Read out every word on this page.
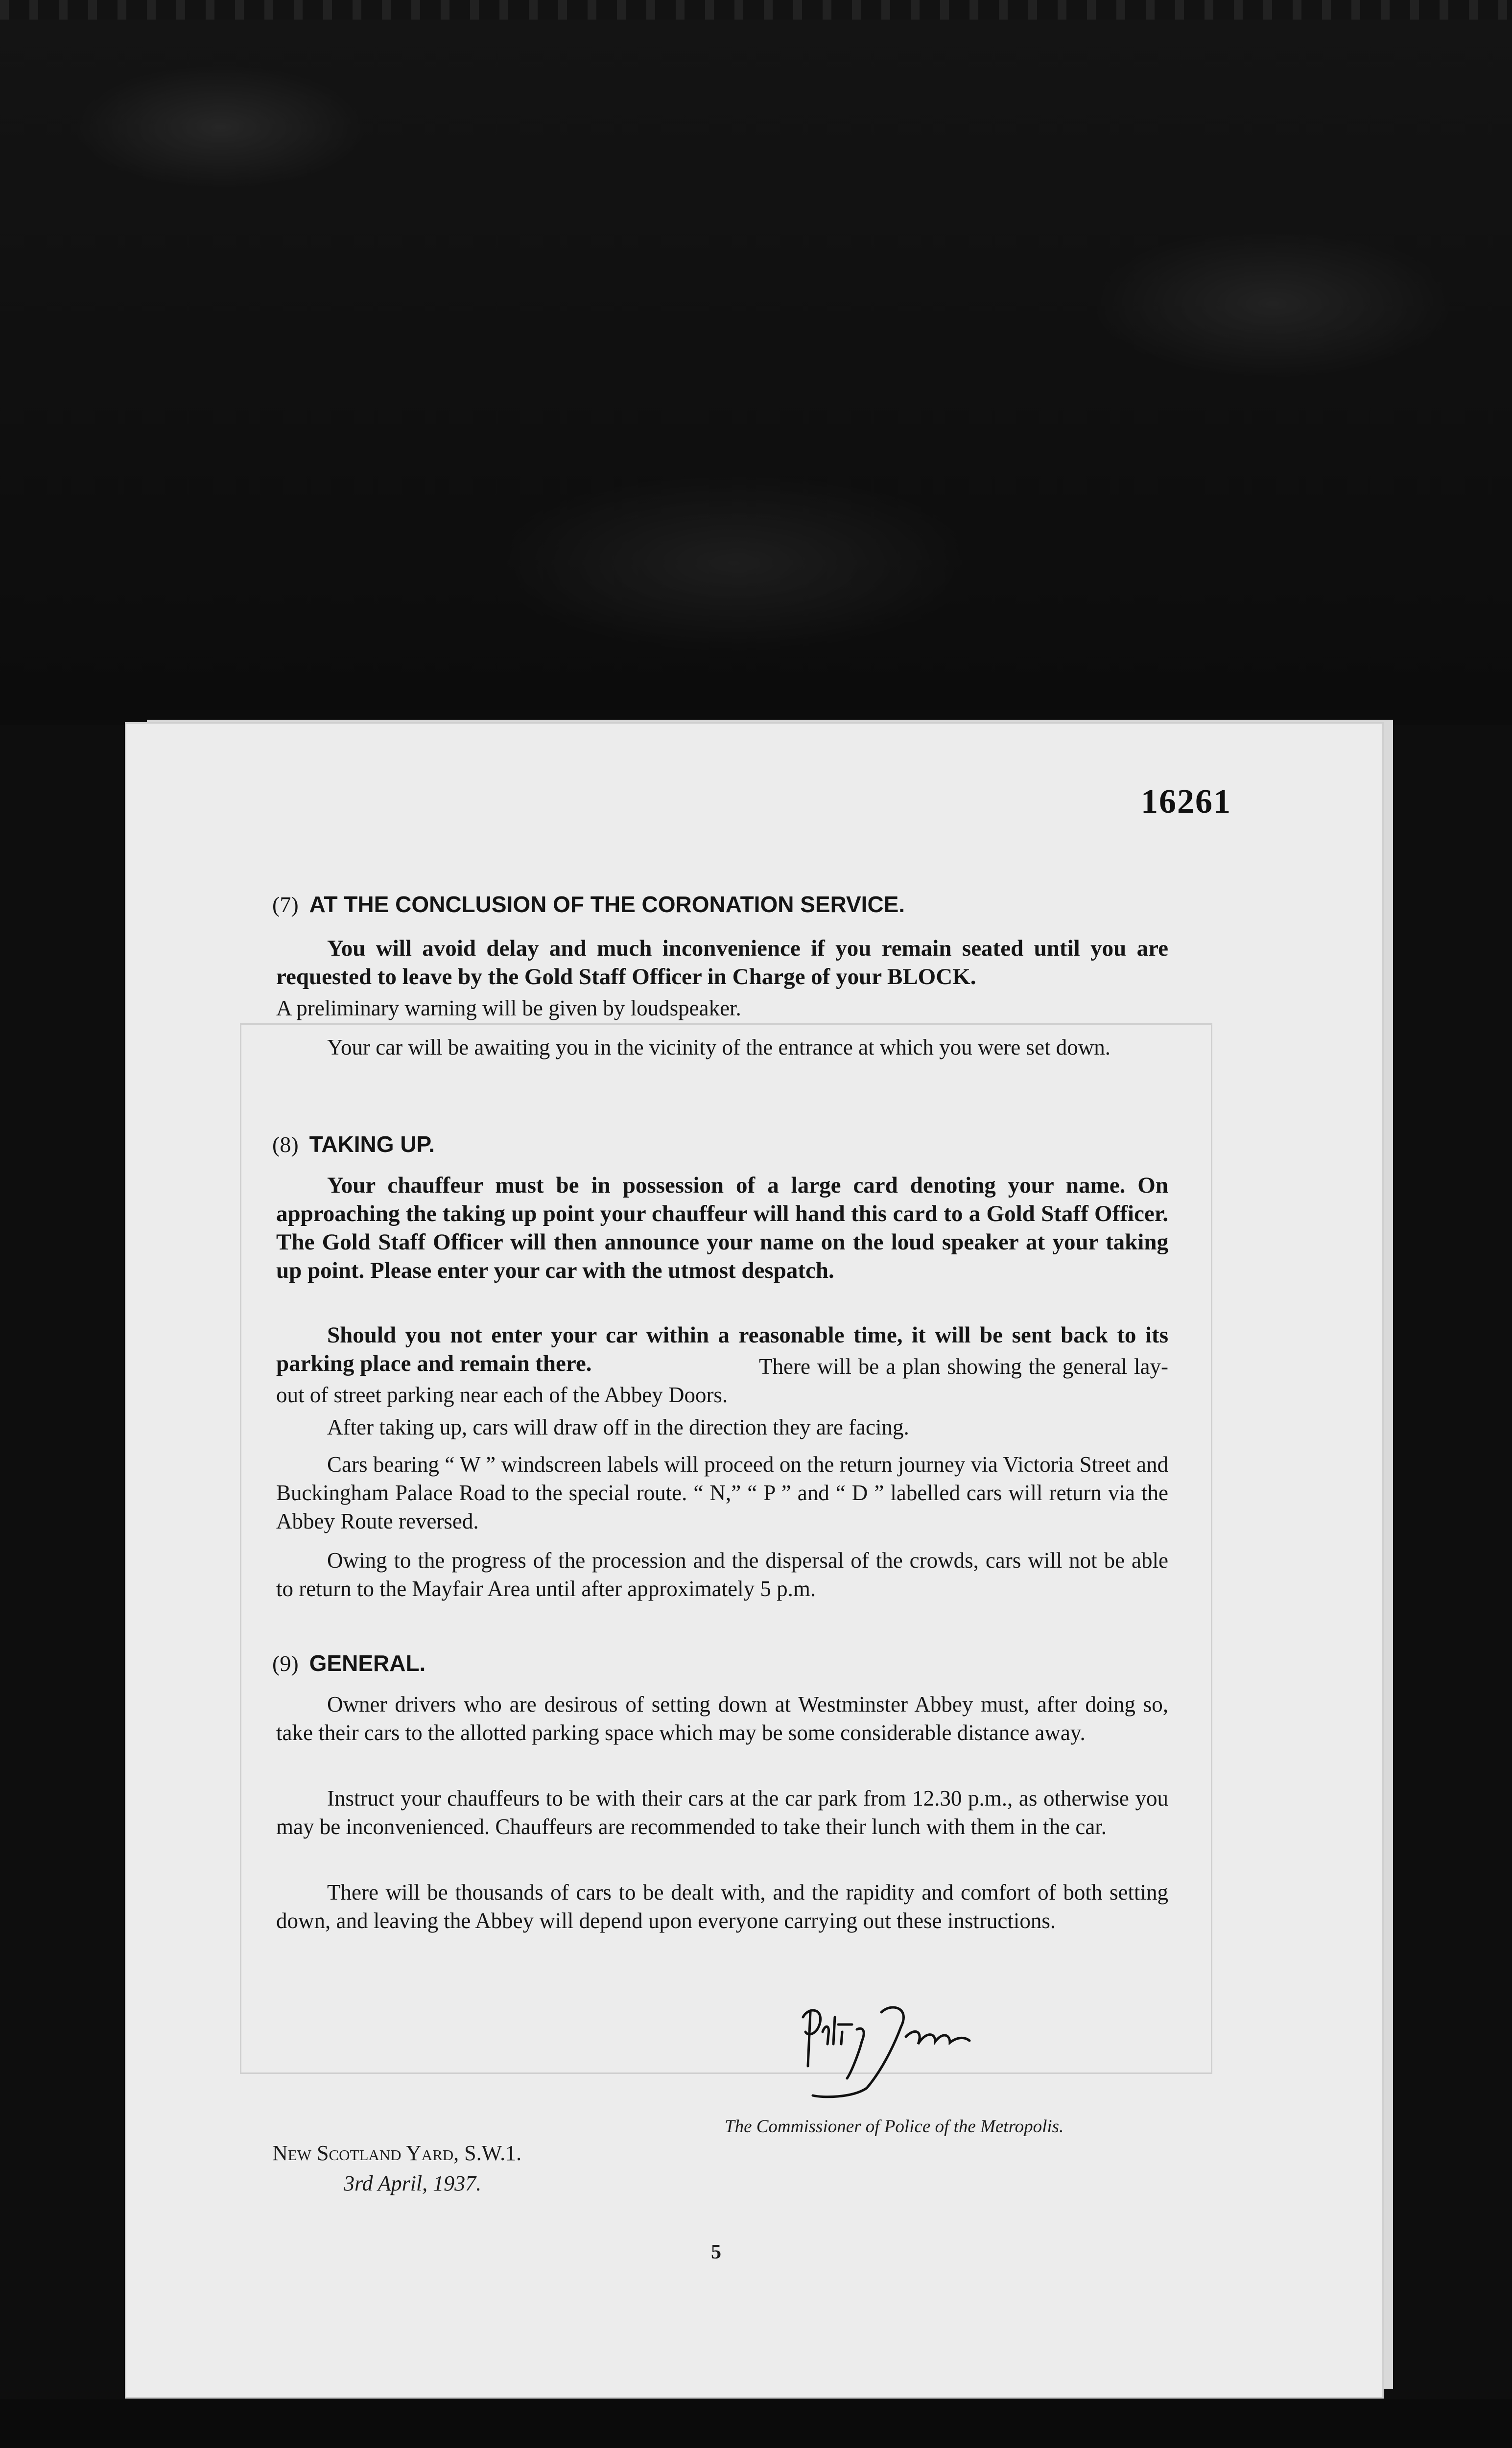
16261
(7) AT THE CONCLUSION OF THE CORONATION SERVICE.
You will avoid delay and much inconvenience if you remain seated until you are requested to leave by the Gold Staff Officer in Charge of your BLOCK.
A preliminary warning will be given by loudspeaker.
Your car will be awaiting you in the vicinity of the entrance at which you were set down.
(8) TAKING UP.
Your chauffeur must be in possession of a large card denoting your name. On approaching the taking up point your chauffeur will hand this card to a Gold Staff Officer. The Gold Staff Officer will then announce your name on the loud speaker at your taking up point. Please enter your car with the utmost despatch.
Should you not enter your car within a reasonable time, it will be sent back to its parking place and remain there.	There will be a plan showing the general lay-out of street parking near each of the Abbey Doors.
After taking up, cars will draw off in the direction they are facing.
Cars bearing “ W ” windscreen labels will proceed on the return journey via Victoria Street and Buckingham Palace Road to the special route. “ N,” “ P ” and “ D ” labelled cars will return via the Abbey Route reversed.
Owing to the progress of the procession and the dispersal of the crowds, cars will not be able to return to the Mayfair Area until after approximately 5 p.m.
(9) GENERAL.
Owner drivers who are desirous of setting down at Westminster Abbey must, after doing so, take their cars to the allotted parking space which may be some considerable distance away.
Instruct your chauffeurs to be with their cars at the car park from 12.30 p.m., as otherwise you may be inconvenienced. Chauffeurs are recommended to take their lunch with them in the car.
There will be thousands of cars to be dealt with, and the rapidity and comfort of both setting down, and leaving the Abbey will depend upon everyone carrying out these instructions.
The Commissioner of Police of the Metropolis.
New Scotland Yard, S.W.1.
3rd April, 1937.
5
